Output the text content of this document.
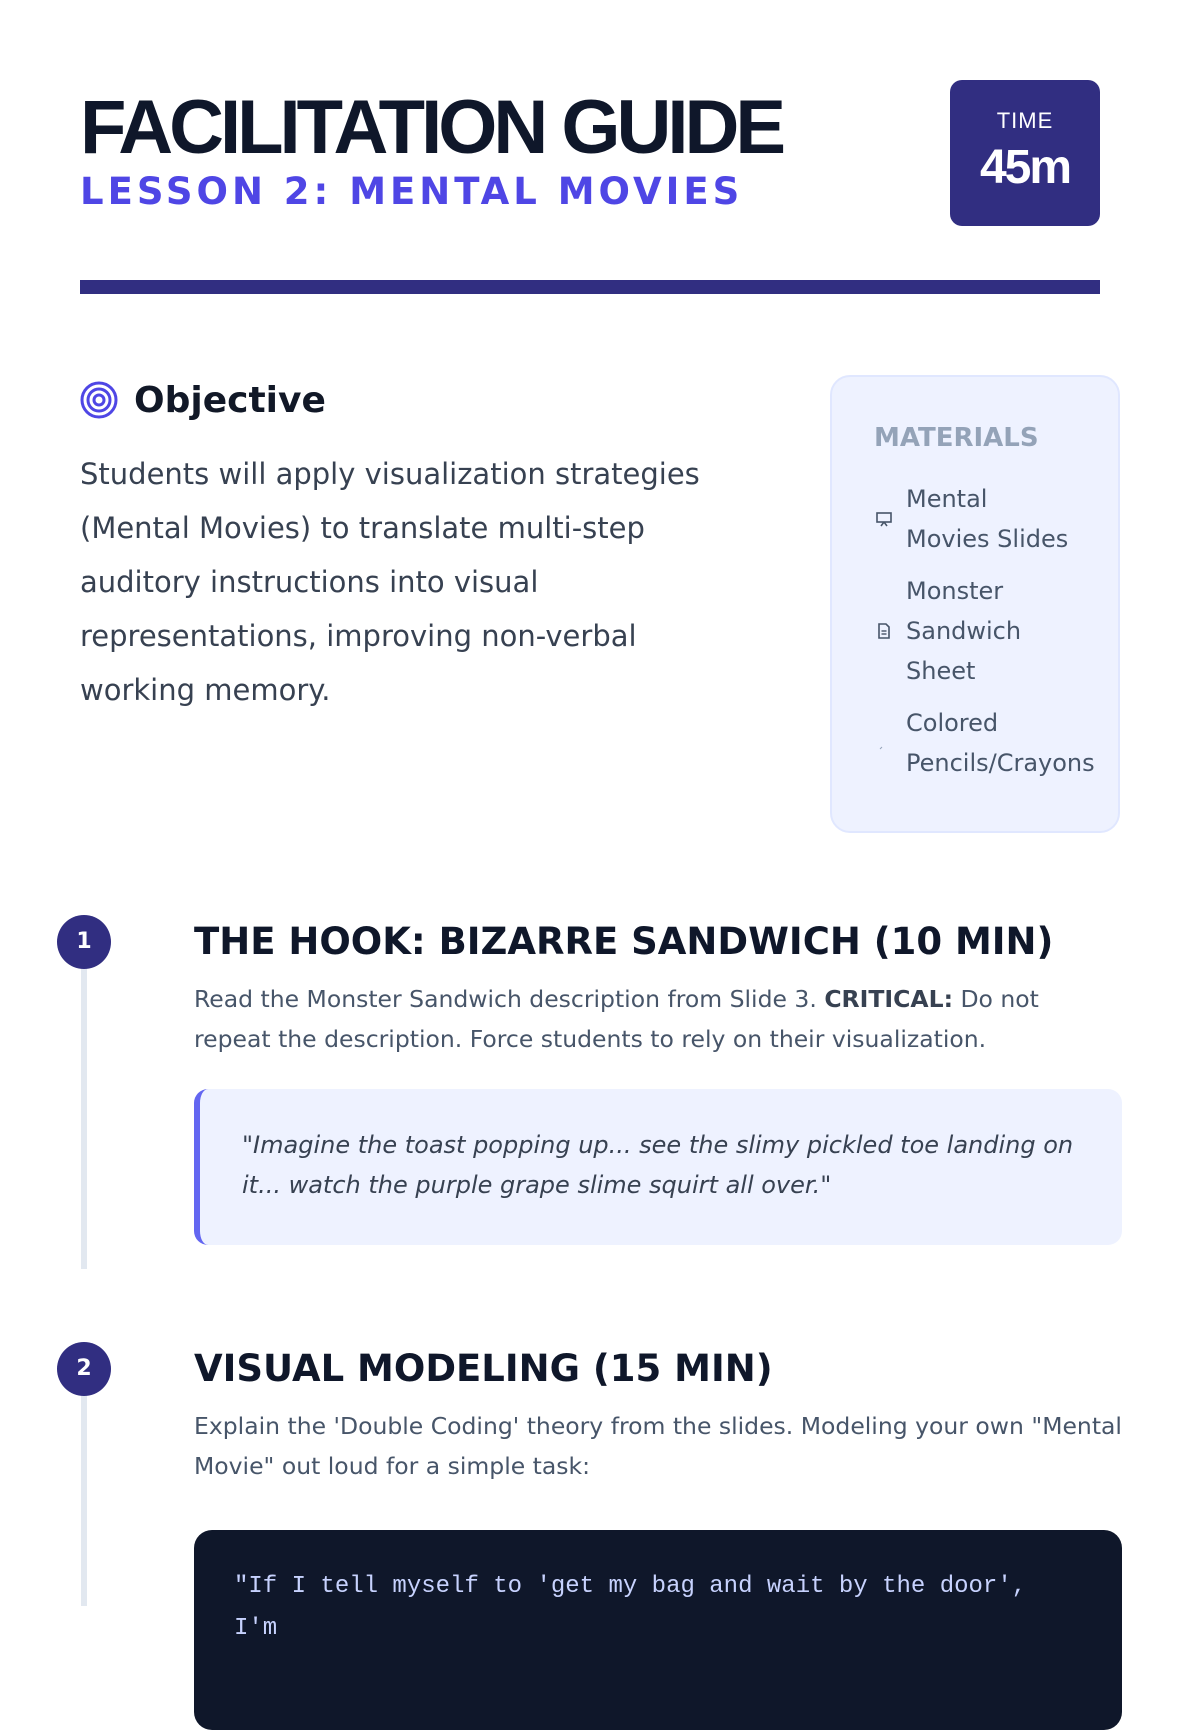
FACILITATION GUIDE
LESSON 2: MENTAL MOVIES
TIME
45m
Objective
Students will apply visualization strategies (Mental Movies) to translate multi-step auditory instructions into visual representations, improving non-verbal working memory.
MATERIALS
Mental Movies Slides
Monster Sandwich Sheet
Colored Pencils/Crayons
1	THE HOOK: BIZARRE SANDWICH (10 MIN)
Read the Monster Sandwich description from Slide 3. CRITICAL: Do not repeat the description. Force students to rely on their visualization.
"Imagine the toast popping up... see the slimy pickled toe landing on it... watch the purple grape slime squirt all over."
2	VISUAL MODELING (15 MIN)
Explain the 'Double Coding' theory from the slides. Modeling your own "Mental Movie" out loud for a simple task:
"If I tell myself to 'get my bag and wait by the door', I'm
